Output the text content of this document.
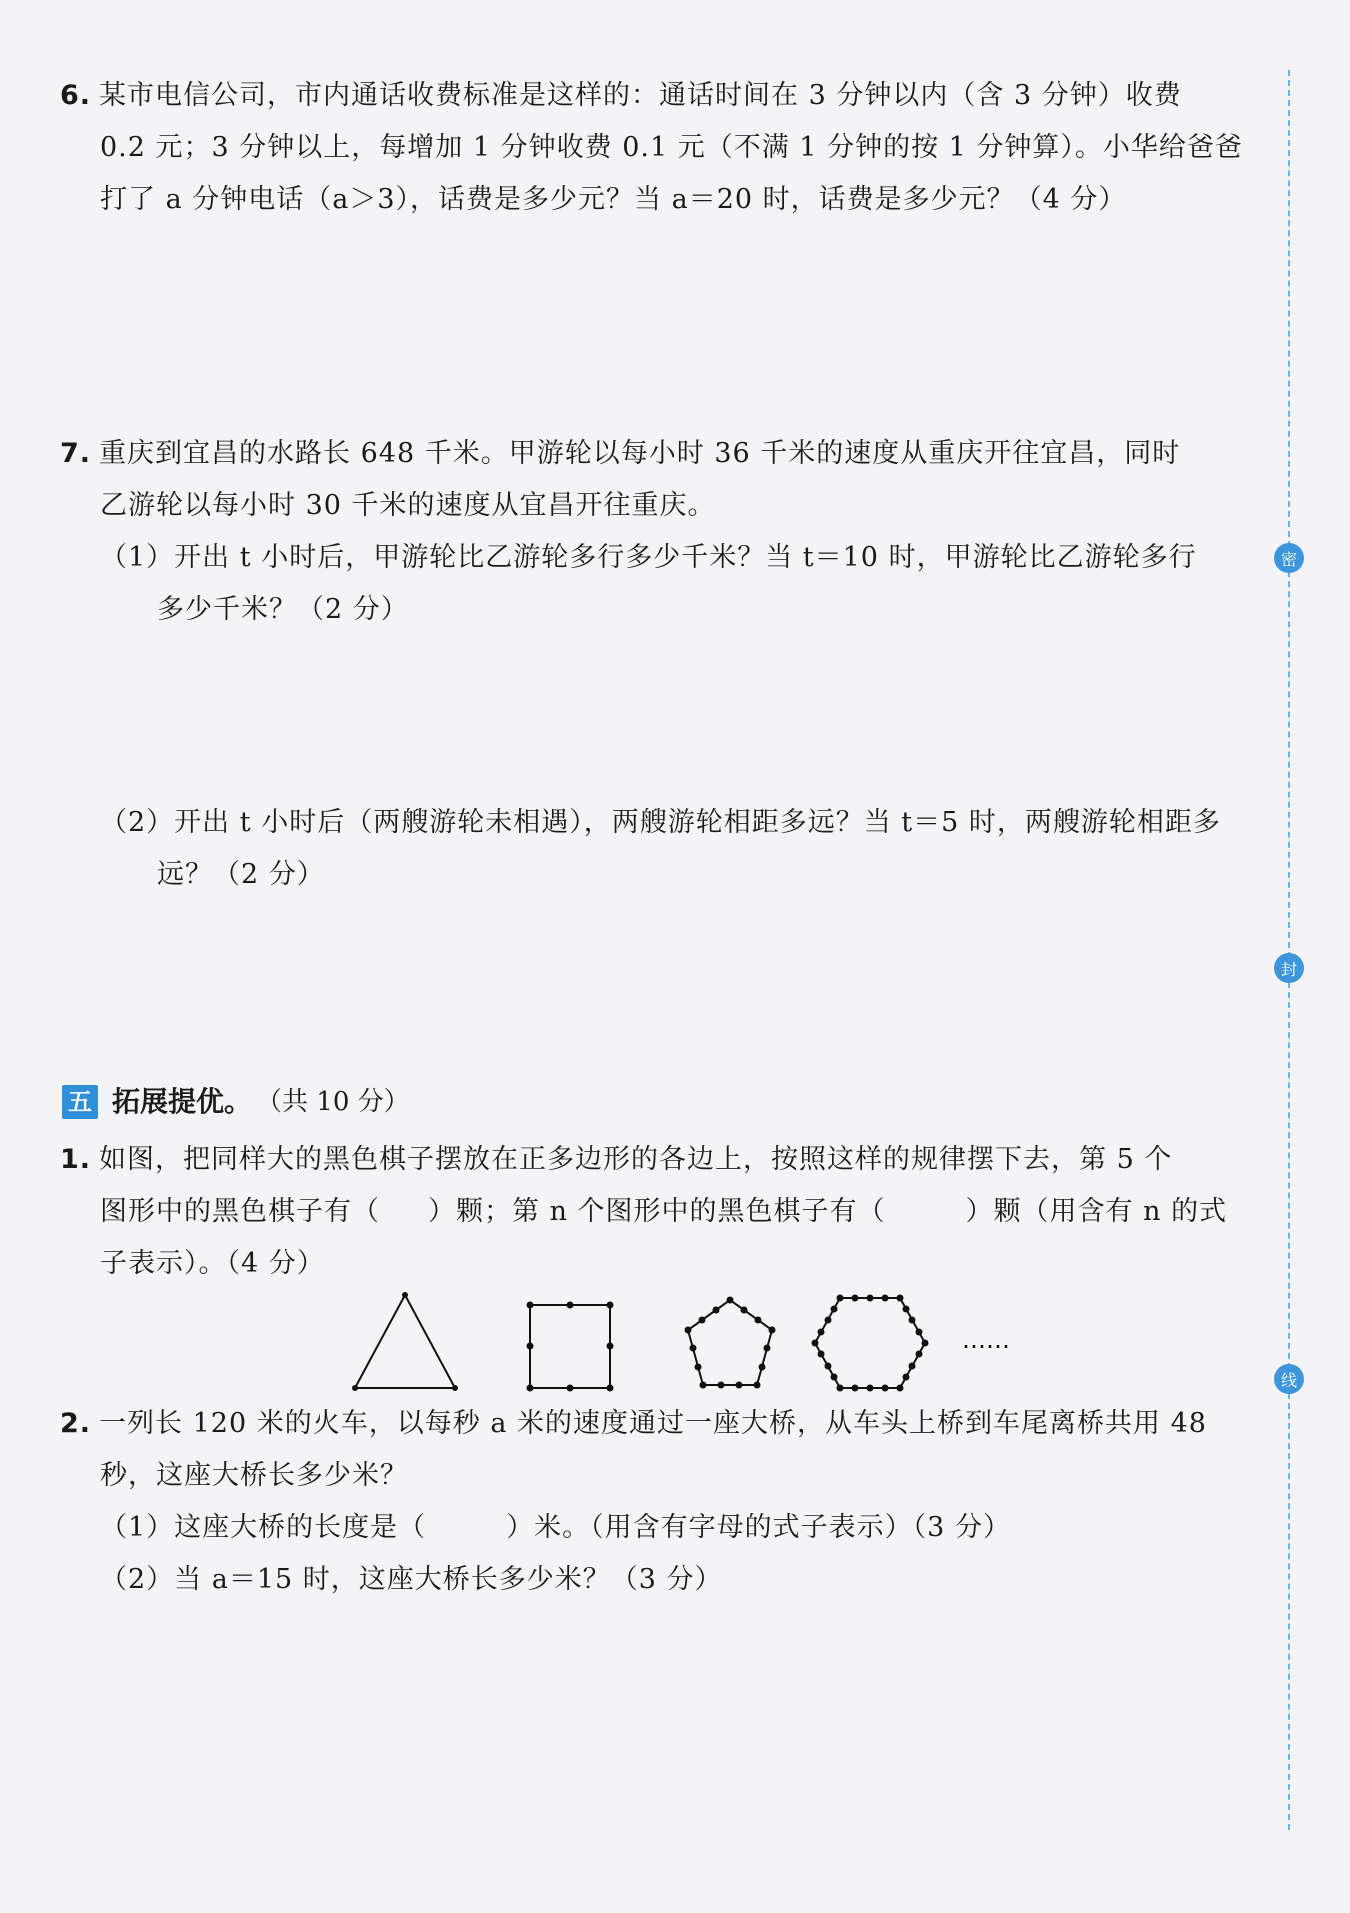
6. 某市电信公司，市内通话收费标准是这样的：通话时间在 3 分钟以内（含 3 分钟）收费
0.2 元；3 分钟以上，每增加 1 分钟收费 0.1 元（不满 1 分钟的按 1 分钟算）。小华给爸爸
打了 a 分钟电话（a＞3），话费是多少元？当 a＝20 时，话费是多少元？（4 分）
7. 重庆到宜昌的水路长 648 千米。甲游轮以每小时 36 千米的速度从重庆开往宜昌，同时
乙游轮以每小时 30 千米的速度从宜昌开往重庆。
（1）开出 t 小时后，甲游轮比乙游轮多行多少千米？当 t＝10 时，甲游轮比乙游轮多行
多少千米？（2 分）
（2）开出 t 小时后（两艘游轮未相遇），两艘游轮相距多远？当 t＝5 时，两艘游轮相距多
远？（2 分）
五 拓展提优。 （共 10 分）
1. 如图，把同样大的黑色棋子摆放在正多边形的各边上，按照这样的规律摆下去，第 5 个
图形中的黑色棋子有（ ）颗；第 n 个图形中的黑色棋子有（	）颗（用含有 n 的式
子表示）。（4 分）
……
2. 一列长 120 米的火车，以每秒 a 米的速度通过一座大桥，从车头上桥到车尾离桥共用 48
秒，这座大桥长多少米？
（1）这座大桥的长度是（	）米。（用含有字母的式子表示）（3 分）
（2）当 a＝15 时，这座大桥长多少米？（3 分）
密
封
线
